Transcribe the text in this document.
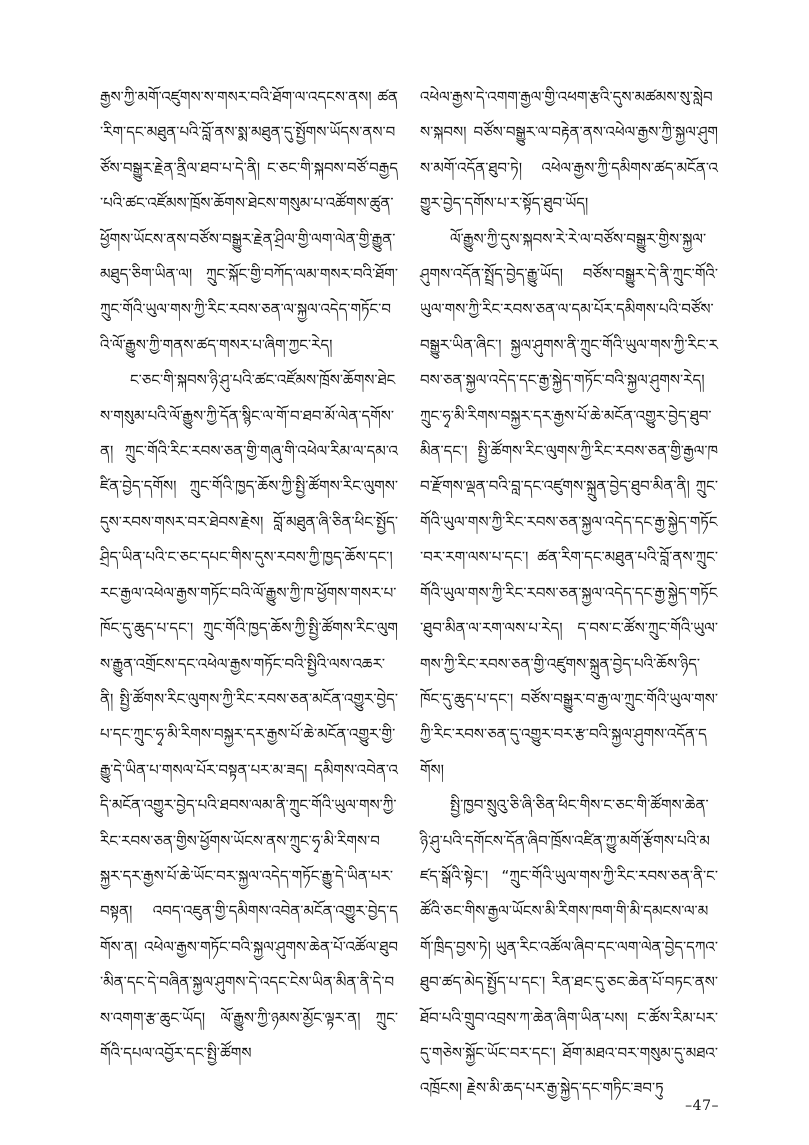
རྒྱས་ཀྱི་མགོ་འཛུགས་ས་གསར་བའི་ཐོག་ལ་འདངས་ནས། ཚན་རིག་དང་མཐུན་པའི་བློ་ནས་སྨ་མཐུན་དུ་སྤྱོགས་ཡོདས་ནས་བཙོས་བསྒྱུར་རྗེན་ནྲིལ་ཐབ་པ་དེ་ནི། ང་ཅང་གི་སྐབས་བཙོ་བརྒྱད་པའི་ཚང་འཛོམས་ཁྲོས་ཆོགས་ཐེངས་གསུམ་པ་འཚོགས་ཚུན་ཕྱོགས་ཡོངས་ནས་བཙོས་བསྒྱུར་རྗེན་ཤྲིལ་གྱི་ལག་ལེན་གྱི་རྒྱུན་མཐུད་ཅིག་ཡིན་ལ། ཀྲུང་སྐོང་གྱི་བཀོད་ལམ་གསར་བའི་ཐོག་ཀྲུང་གོའི་ཡུལ་གས་ཀྱི་རིང་རབས་ཅན་ལ་སྐྱལ་འདེད་གཏོང་བའི་ལོ་རྒྱུས་ཀྱི་གནས་ཚད་གསར་པ་ཞིག་ཀྱང་རེད།

ང་ཅང་གི་སྐབས་ཉི་ཤུ་པའི་ཚང་འཛོམས་ཁྲོས་ཆོགས་ཐེངས་གསུམ་པའི་ལོ་རྒྱུས་ཀྱི་དོན་སྙིང་ལ་གོ་བ་ཐབ་མོ་ལེན་དགོས་ན། ཀྲུང་གོའི་རིང་རབས་ཅན་གྱི་གཞུ་གི་འཕེལ་རིམ་ལ་དམ་འཛིན་བྱེད་དགོས། ཀྲུང་གོའི་ཁྱད་ཆོས་ཀྱི་སྤྱི་ཚོགས་རིང་ལུགས་དུས་རབས་གསར་བར་ཐེབས་རྗེས། བློ་མཐུན་ཞི་ཅིན་ཕིང་སྤྱོད་ཤྲིད་ཡིན་པའི་ང་ཅང་དཔང་གིས་དུས་རབས་ཀྱི་ཁྱད་ཆོས་དང་། རང་རྒྱལ་འཕེལ་རྒྱས་གཏོང་བའི་ལོ་རྒྱུས་ཀྱི་ཁ་ཕྱོགས་གསར་པ་ཁོང་དུ་ཆུད་པ་དང་། ཀྲུང་གོའི་ཁྱད་ཆོས་ཀྱི་སྤྱི་ཚོགས་རིང་ལུགས་རྒྱུན་འགྲོངས་དང་འཕེལ་རྒྱས་གཏོང་བའི་སྤྱིའི་ལས་འཆར་ནི། སྤྱི་ཚོགས་རིང་ལུགས་ཀྱི་རིང་རབས་ཅན་མངོན་འགྱུར་བྱེད་པ་དང་ཀྲུང་ཧྭ་མི་རིགས་བསྐྱར་དར་རྒྱས་པོ་ཆེ་མངོན་འགྱུར་གྱི་རྒྱུ་དེ་ཡིན་པ་གསལ་པོར་བསྟན་པར་མ་ཟད། དམིགས་འབེན་འདི་མངོན་འགྱུར་བྱེད་པའི་ཐབས་ལམ་ནི་ཀྲུང་གོའི་ཡུལ་གས་ཀྱི་རིང་རབས་ཅན་གྱིས་ཕྱོགས་ཡོངས་ནས་ཀྲུང་ཧྭ་མི་རིགས་བསྐྱར་དར་རྒྱས་པོ་ཆེ་ཡོང་བར་སྐྱལ་འདེད་གཏོང་རྒྱུ་དེ་ཡིན་པར་བསྟན། འབད་འཇུན་གྱི་དམིགས་འབེན་མངོན་འགྱུར་བྱེད་དགོས་ན། འཕེལ་རྒྱས་གཏོང་བའི་སྐྱལ་ཤུགས་ཆེན་པོ་འཚོལ་ཐུབ་མིན་དང་དེ་བཞིན་སྐྱལ་ཤུགས་དེ་འདང་ངེས་ཡིན་མིན་ནི་དེ་བས་འགག་རྩ་ཆུང་ཡོད། ལོ་རྒྱུས་ཀྱི་ཉམས་མྱོང་ལྟར་ན། ཀྲུང་གོའི་དཔལ་འབྱོར་དང་སྤྱི་ཚོགས

འཕེལ་རྒྱས་དེ་འགག་རྒྱལ་གྱི་འཕག་རྩའི་དུས་མཚམས་སུ་སླེབས་སྐབས། བཙོས་བསྒྱུར་ལ་བརྟེན་ནས་འཕེལ་རྒྱས་ཀྱི་སྐྱལ་ཤུགས་མགོ་འདོན་ཐུབ་ཏེ། འཕེལ་རྒྱས་ཀྱི་དམིགས་ཚད་མངོན་འགྱུར་བྱེད་དགོས་པ་ར་སྟོད་ཐུབ་ཡོད།

ལོ་རྒྱུས་ཀྱི་དུས་སྐབས་རེ་རེ་ལ་བཙོས་བསྒྱུར་གྱིས་སྐྱལ་ཤུགས་འདོན་སྤྲོད་བྱེད་རྒྱུ་ཡོད། བཙོས་བསྒྱུར་དེ་ནི་ཀྲུང་གོའི་ཡུལ་གས་ཀྱི་རིང་རབས་ཅན་ལ་དམ་པོར་དམིགས་པའི་བཙོས་བསྒྱུར་ཡིན་ཞིང་། སྐྱལ་ཤུགས་ནི་ཀྲུང་གོའི་ཡུལ་གས་ཀྱི་རིང་རབས་ཅན་སྐྱལ་འདེད་དང་རྒྱ་སྐྱེད་གཏོང་བའི་སྐྱལ་ཤུགས་རེད། ཀྲུང་ཧྭ་མི་རིགས་བསྐྱར་དར་རྒྱས་པོ་ཆེ་མངོན་འགྱུར་བྱེད་ཐུབ་མིན་དང་། སྤྱི་ཚོགས་རིང་ལུགས་ཀྱི་རིང་རབས་ཅན་གྱི་རྒྱལ་ཁབ་རྫོགས་ལྡན་བའི་བླ་དང་འཛུགས་སྐྲུན་བྱེད་ཐུབ་མིན་ནི། ཀྲུང་གོའི་ཡུལ་གས་ཀྱི་རིང་རབས་ཅན་སྐྱལ་འདེད་དང་རྒྱ་སྐྱེད་གཏོང་བར་རག་ལས་པ་དང་། ཚན་རིག་དང་མཐུན་པའི་བློ་ནས་ཀྲུང་གོའི་ཡུལ་གས་ཀྱི་རིང་རབས་ཅན་སྐྱལ་འདེད་དང་རྒྱ་སྐྱེད་གཏོང་ཐུབ་མིན་ལ་རག་ལས་པ་རེད། ད་བས་ང་ཚོས་ཀྲུང་གོའི་ཡུལ་གས་ཀྱི་རིང་རབས་ཅན་གྱི་འཛུགས་སྐྲུན་བྱེད་པའི་ཆོས་ཉིད་ཁོང་དུ་ཆུད་པ་དང་། བཙོས་བསྒྱུར་བ་རྒྱ་ལ་ཀྲུང་གོའི་ཡུལ་གས་ཀྱི་རིང་རབས་ཅན་དུ་འགྱུར་བར་རྩ་བའི་སྐྱལ་ཤུགས་འདོན་དགོས།

སྤྱི་ཁྱབ་སྲུའུ་ཅི་ཞི་ཅིན་ཕིང་གིས་ང་ཅང་གི་ཚོགས་ཆེན་ཉི་ཤུ་པའི་དགོངས་དོན་ཞིབ་ཁྲོས་འཛིན་ཀྱུ་མགོ་རྩོགས་པའི་མཛད་སྒོའི་སྟེང་། “ཀྲུང་གོའི་ཡུལ་གས་ཀྱི་རིང་རབས་ཅན་ནི་ང་ཚོའི་ཅང་གིས་རྒྱལ་ཡོངས་མི་རིགས་ཁག་གི་མི་དམངས་ལ་མགོ་ཁྲིད་བྱས་ཏེ། ཡུན་རིང་འཚོལ་ཞིབ་དང་ལག་ལེན་བྱེད་དཀའ་ཐུབ་ཚད་མེད་སྤྱོད་པ་དང་། རིན་ཐང་དུ་ཅང་ཆེན་པོ་བཏང་ནས་ཐོབ་པའི་གྲུབ་འབྲས་ཀ་ཆེན་ཞིག་ཡིན་པས། ང་ཚོས་རིམ་པར་དུ་གཅེས་སྐྱོང་ཡོང་བར་དང་། ཐོག་མཐའ་བར་གསུམ་དུ་མཐའ་འཁྲོངས། རྗེས་མི་ཆད་པར་རྒྱ་སྐྱེད་དང་གཏིང་ཟབ་ཏུ

–47–
